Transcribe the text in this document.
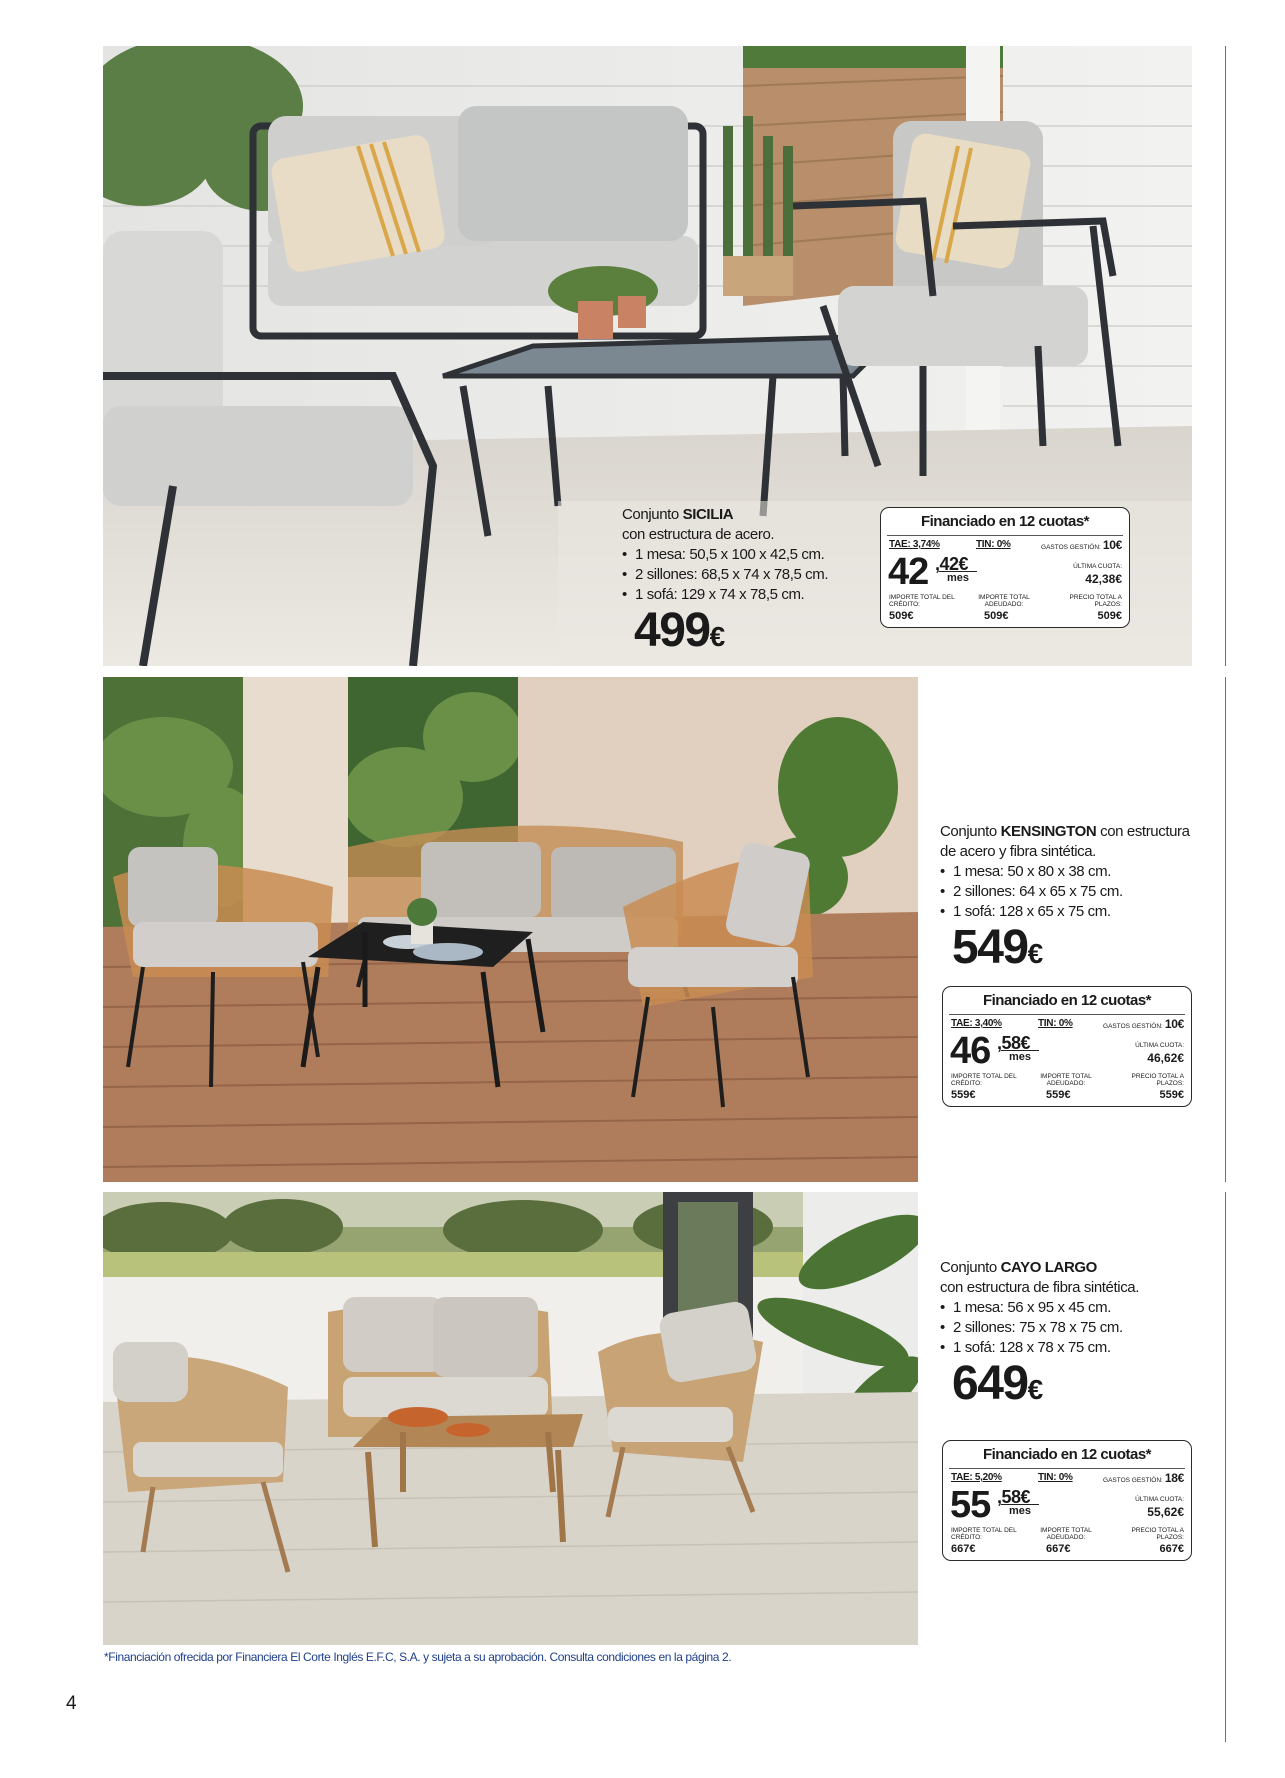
Conjunto SICILIA
con estructura de acero.
• 1 mesa: 50,5 x 100 x 42,5 cm.
• 2 sillones: 68,5 x 74 x 78,5 cm.
• 1 sofá: 129 x 74 x 78,5 cm.
499€
Financiado en 12 cuotas*
TAE: 3,74%	TIN: 0%	GASTOS GESTIÓN: 10€
42 ,42€
mes
ÚLTIMA CUOTA:
42,38€
IMPORTE TOTAL DEL CRÉDITO:
IMPORTE TOTAL ADEUDADO:
PRECIO TOTAL A PLAZOS:
509€	509€	509€
Conjunto KENSINGTON con estructura de acero y fibra sintética.
• 1 mesa: 50 x 80 x 38 cm.
• 2 sillones: 64 x 65 x 75 cm.
• 1 sofá: 128 x 65 x 75 cm.
549€
Financiado en 12 cuotas*
TAE: 3,40%	TIN: 0%	GASTOS GESTIÓN: 10€
46 ,58€
mes
ÚLTIMA CUOTA:
46,62€
IMPORTE TOTAL DEL CRÉDITO:
IMPORTE TOTAL ADEUDADO:
PRECIO TOTAL A PLAZOS:
559€	559€	559€
Conjunto CAYO LARGO
con estructura de fibra sintética.
• 1 mesa: 56 x 95 x 45 cm.
• 2 sillones: 75 x 78 x 75 cm.
• 1 sofá: 128 x 78 x 75 cm.
649€
Financiado en 12 cuotas*
TAE: 5,20%	TIN: 0%	GASTOS GESTIÓN: 18€
55 ,58€
mes
ÚLTIMA CUOTA:
55,62€
IMPORTE TOTAL DEL CRÉDITO:
IMPORTE TOTAL ADEUDADO:
PRECIO TOTAL A PLAZOS:
667€	667€	667€
*Financiación ofrecida por Financiera El Corte Inglés E.F.C, S.A. y sujeta a su aprobación. Consulta condiciones en la página 2.
4
